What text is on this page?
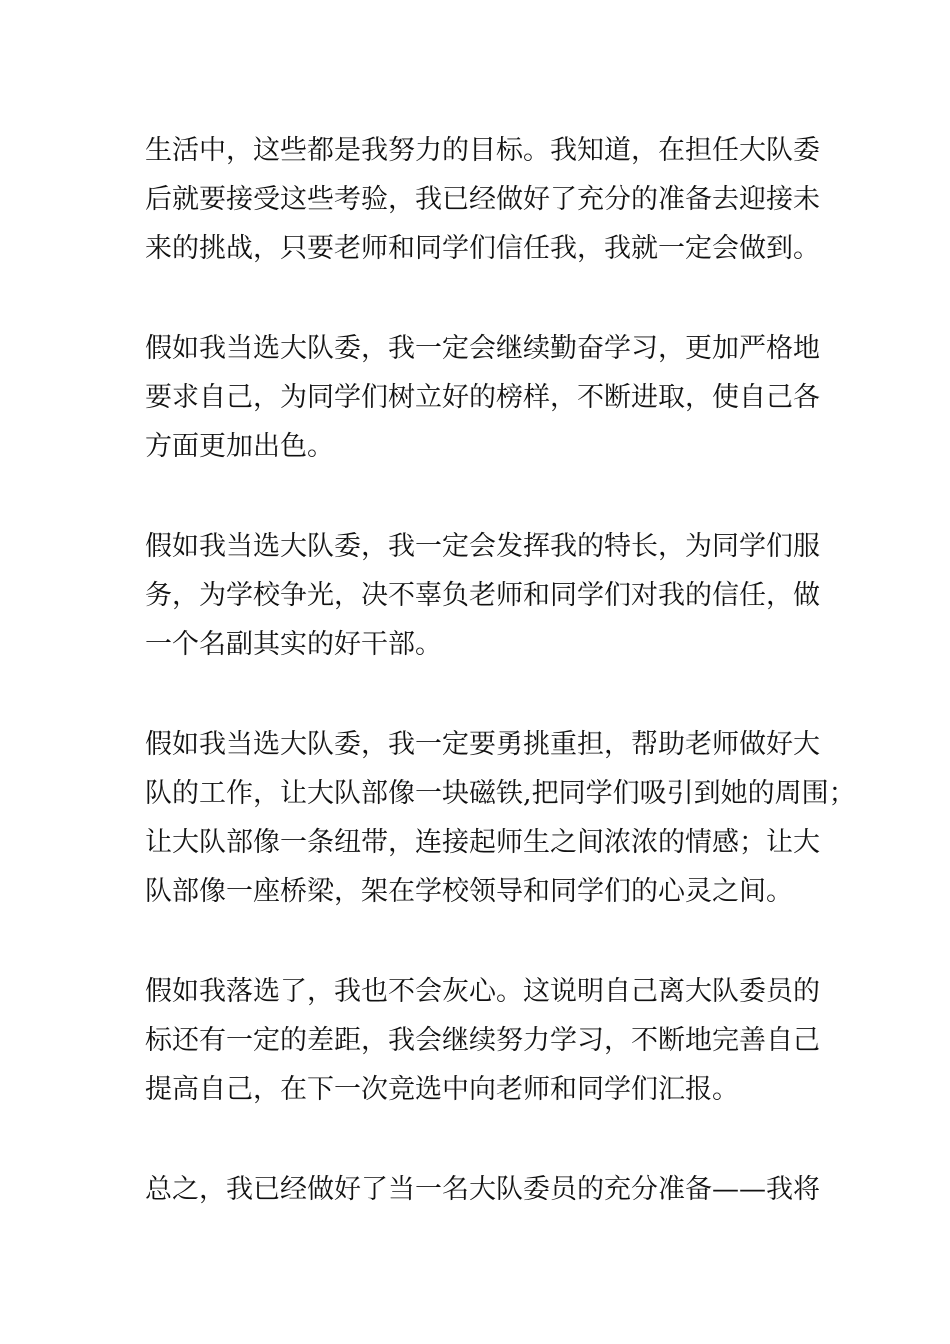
生活中，这些都是我努力的目标。我知道，在担任大队委
后就要接受这些考验，我已经做好了充分的准备去迎接未
来的挑战，只要老师和同学们信任我，我就一定会做到。

假如我当选大队委，我一定会继续勤奋学习，更加严格地
要求自己，为同学们树立好的榜样，不断进取，使自己各
方面更加出色。

假如我当选大队委，我一定会发挥我的特长，为同学们服
务，为学校争光，决不辜负老师和同学们对我的信任，做
一个名副其实的好干部。

假如我当选大队委，我一定要勇挑重担，帮助老师做好大
队的工作，让大队部像一块磁铁,把同学们吸引到她的周围；
让大队部像一条纽带，连接起师生之间浓浓的情感；让大
队部像一座桥梁，架在学校领导和同学们的心灵之间。

假如我落选了，我也不会灰心。这说明自己离大队委员的
标还有一定的差距，我会继续努力学习，不断地完善自己
提高自己，在下一次竞选中向老师和同学们汇报。

总之，我已经做好了当一名大队委员的充分准备——我将
